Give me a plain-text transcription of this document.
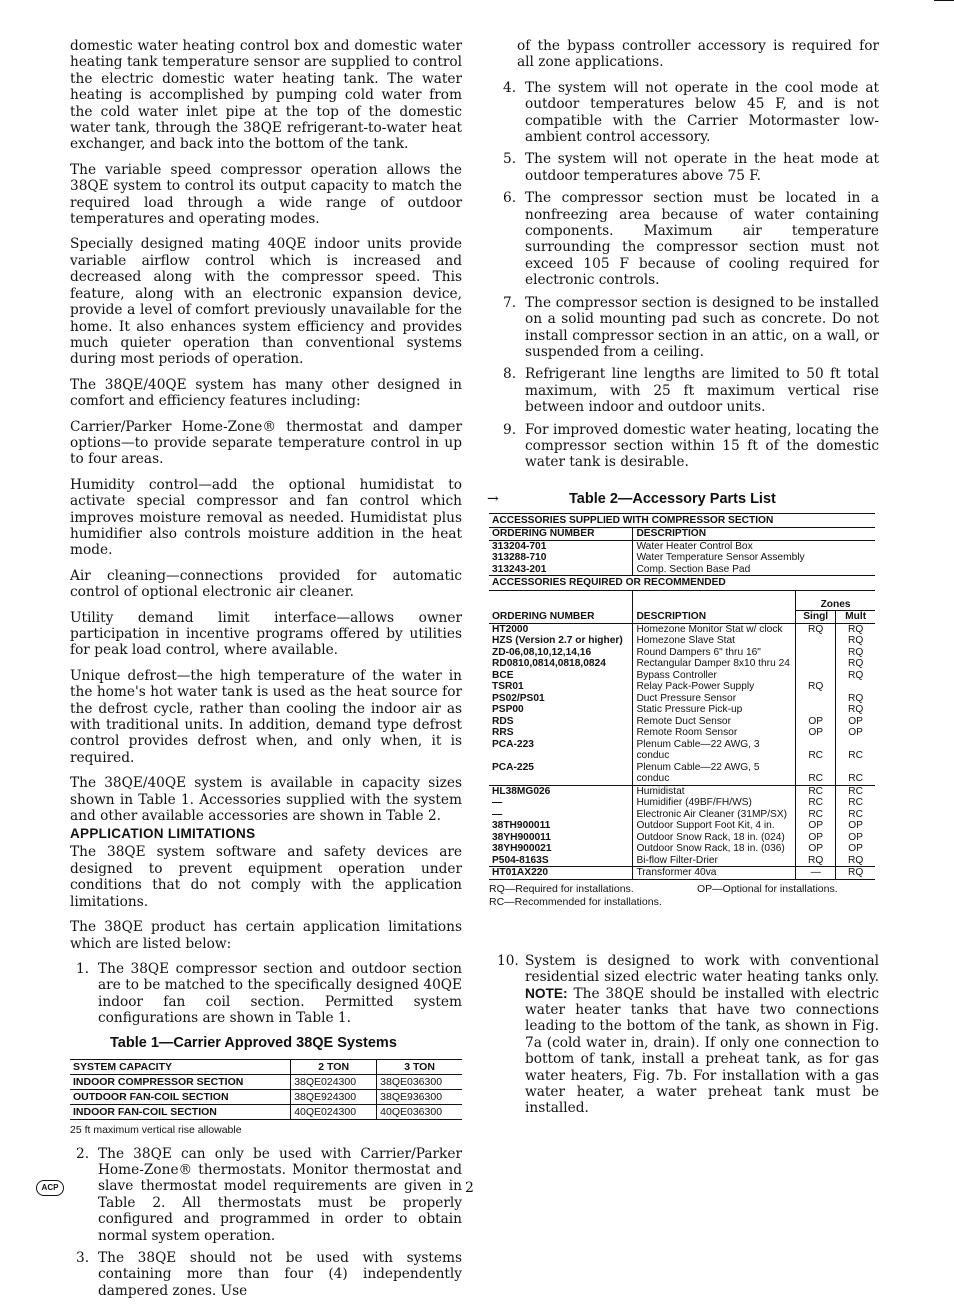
domestic water heating control box and domestic water heating tank temperature sensor are supplied to control the electric domestic water heating tank. The water heating is accomplished by pumping cold water from the cold water inlet pipe at the top of the domestic water tank, through the 38QE refrigerant-to-water heat exchanger, and back into the bottom of the tank.

The variable speed compressor operation allows the 38QE system to control its output capacity to match the required load through a wide range of outdoor temperatures and operating modes.

Specially designed mating 40QE indoor units provide variable airflow control which is increased and decreased along with the compressor speed. This feature, along with an electronic expansion device, provide a level of comfort previously unavailable for the home. It also enhances system efficiency and provides much quieter operation than conventional systems during most periods of operation.

The 38QE/40QE system has many other designed in comfort and efficiency features including:

Carrier/Parker Home-Zone® thermostat and damper options—to provide separate temperature control in up to four areas.

Humidity control—add the optional humidistat to activate special compressor and fan control which improves moisture removal as needed. Humidistat plus humidifier also controls moisture addition in the heat mode.

Air cleaning—connections provided for automatic control of optional electronic air cleaner.

Utility demand limit interface—allows owner participation in incentive programs offered by utilities for peak load control, where available.

Unique defrost—the high temperature of the water in the home's hot water tank is used as the heat source for the defrost cycle, rather than cooling the indoor air as with traditional units. In addition, demand type defrost control provides defrost when, and only when, it is required.

The 38QE/40QE system is available in capacity sizes shown in Table 1. Accessories supplied with the system and other available accessories are shown in Table 2.

APPLICATION LIMITATIONS

The 38QE system software and safety devices are designed to prevent equipment operation under conditions that do not comply with the application limitations.

The 38QE product has certain application limitations which are listed below:

1. The 38QE compressor section and outdoor section are to be matched to the specifically designed 40QE indoor fan coil section. Permitted system configurations are shown in Table 1.
Table 1—Carrier Approved 38QE Systems
SYSTEM CAPACITY	2 TON	3 TON
INDOOR COMPRESSOR SECTION	38QE024300	38QE036300
OUTDOOR FAN-COIL SECTION	38QE924300	38QE936300
INDOOR FAN-COIL SECTION	40QE024300	40QE036300
25 ft maximum vertical rise allowable
2. The 38QE can only be used with Carrier/Parker Home-Zone® thermostats. Monitor thermostat and slave thermostat model requirements are given in Table 2. All thermostats must be properly configured and programmed in order to obtain normal system operation.
3. The 38QE should not be used with systems containing more than four (4) independently dampered zones. Use

of the bypass controller accessory is required for all zone applications.

4. The system will not operate in the cool mode at outdoor temperatures below 45 F, and is not compatible with the Carrier Motormaster low-ambient control accessory.
5. The system will not operate in the heat mode at outdoor temperatures above 75 F.
6. The compressor section must be located in a nonfreezing area because of water containing components. Maximum air temperature surrounding the compressor section must not exceed 105 F because of cooling required for electronic controls.
7. The compressor section is designed to be installed on a solid mounting pad such as concrete. Do not install compressor section in an attic, on a wall, or suspended from a ceiling.
8. Refrigerant line lengths are limited to 50 ft total maximum, with 25 ft maximum vertical rise between indoor and outdoor units.
9. For improved domestic water heating, locating the compressor section within 15 ft of the domestic water tank is desirable.
→	Table 2—Accessory Parts List
ACCESSORIES SUPPLIED WITH COMPRESSOR SECTION			
ORDERING NUMBER	DESCRIPTION		
313204-701	Water Heater Control Box		
313288-710	Water Temperature Sensor Assembly		
313243-201	Comp. Section Base Pad		
ACCESSORIES REQUIRED OR RECOMMENDED			
		Zones	
ORDERING NUMBER	DESCRIPTION	Singl	Mult
HT2000	Homezone Monitor Stat w/ clock	RQ	RQ
HZS (Version 2.7 or higher)	Homezone Slave Stat		RQ
ZD-06,08,10,12,14,16	Round Dampers 6" thru 16"		RQ
RD0810,0814,0818,0824	Rectangular Damper 8x10 thru 24		RQ
BCE	Bypass Controller		RQ
TSR01	Relay Pack-Power Supply	RQ	
PS02/PS01	Duct Pressure Sensor		RQ
PSP00	Static Pressure Pick-up		RQ
RDS	Remote Duct Sensor	OP	OP
RRS	Remote Room Sensor	OP	OP
PCA-223	Plenum Cable—22 AWG, 3 conduc	RC	RC
PCA-225	Plenum Cable—22 AWG, 5 conduc	RC	RC
HL38MG026	Humidistat	RC	RC
—	Humidifier (49BF/FH/WS)	RC	RC
—	Electronic Air Cleaner (31MP/SX)	RC	RC
38TH900011	Outdoor Support Foot Kit, 4 in.	OP	OP
38YH900011	Outdoor Snow Rack, 18 in. (024)	OP	OP
38YH900021	Outdoor Snow Rack, 18 in. (036)	OP	OP
P504-8163S	Bi-flow Filter-Drier	RQ	RQ
HT01AX220	Transformer 40va	—	RQ
RQ—Required for installations.	OP—Optional for installations.
RC—Recommended for installations.
10. System is designed to work with conventional residential sized electric water heating tanks only. NOTE: The 38QE should be installed with electric water heater tanks that have two connections leading to the bottom of the tank, as shown in Fig. 7a (cold water in, drain). If only one connection to bottom of tank, install a preheat tank, as for gas water heaters, Fig. 7b. For installation with a gas water heater, a water preheat tank must be installed.
ACP	2
